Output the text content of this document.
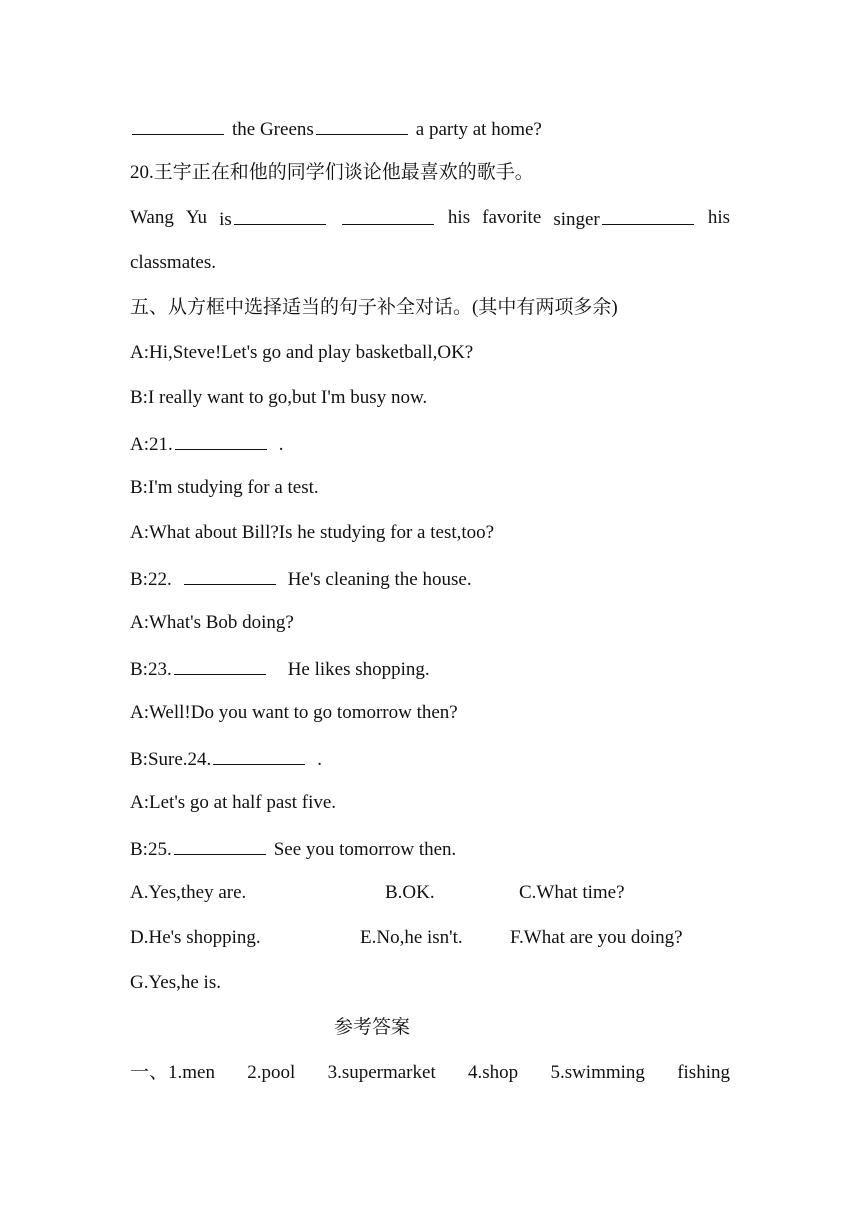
the Greens	a party at home?
20.王宇正在和他的同学们谈论他最喜欢的歌手。
Wang Yu is	his favorite singer	his
classmates.
五、从方框中选择适当的句子补全对话。(其中有两项多余)
A:Hi,Steve!Let's go and play basketball,OK?
B:I really want to go,but I'm busy now.
A:21.	.
B:I'm studying for a test.
A:What about Bill?Is he studying for a test,too?
B:22.	He's cleaning the house.
A:What's Bob doing?
B:23.	He likes shopping.
A:Well!Do you want to go tomorrow then?
B:Sure.24.	.
A:Let's go at half past five.
B:25.	See you tomorrow then.
A.Yes,they are.	B.OK.	C.What time?
D.He's shopping.	E.No,he isn't. F.What are you doing?
G.Yes,he is.
参考答案
一、1.men 2.pool 3.supermarket 4.shop 5.swimming fishing
